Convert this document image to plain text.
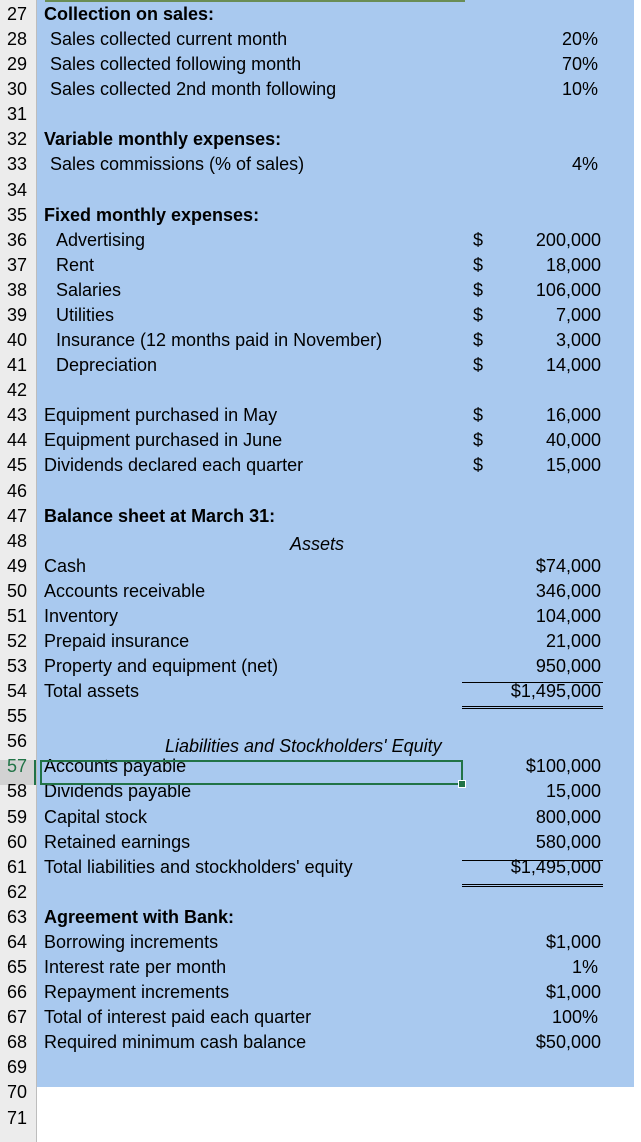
27 Collection on sales:
28	Sales collected current month	20%
29	Sales collected following month	70%
30	Sales collected 2nd month following	10%
31
32 Variable monthly expenses:
33	Sales commissions (% of sales)	4%
34
35 Fixed monthly expenses:
36	Advertising	$	200,000
37	Rent	$	18,000
38	Salaries	$	106,000
39	Utilities	$	7,000
40	Insurance (12 months paid in November)	$	3,000
41	Depreciation	$	14,000
42
43 Equipment purchased in May	$	16,000
44 Equipment purchased in June	$	40,000
45 Dividends declared each quarter	$	15,000
46
47 Balance sheet at March 31:
48
49 Cash	$74,000
50 Accounts receivable	346,000
51 Inventory	104,000
52 Prepaid insurance	21,000
53 Property and equipment (net)	950,000
54 Total assets	$1,495,000
55
56
57 Accounts payable	$100,000
58 Dividends payable	15,000
59 Capital stock	800,000
60 Retained earnings	580,000
61 Total liabilities and stockholders' equity	$1,495,000
62
63 Agreement with Bank:
64 Borrowing increments	$1,000
65 Interest rate per month	1%
66 Repayment increments	$1,000
67 Total of interest paid each quarter	100%
68 Required minimum cash balance	$50,000
69
70
71
Assets
Liabilities and Stockholders' Equity
